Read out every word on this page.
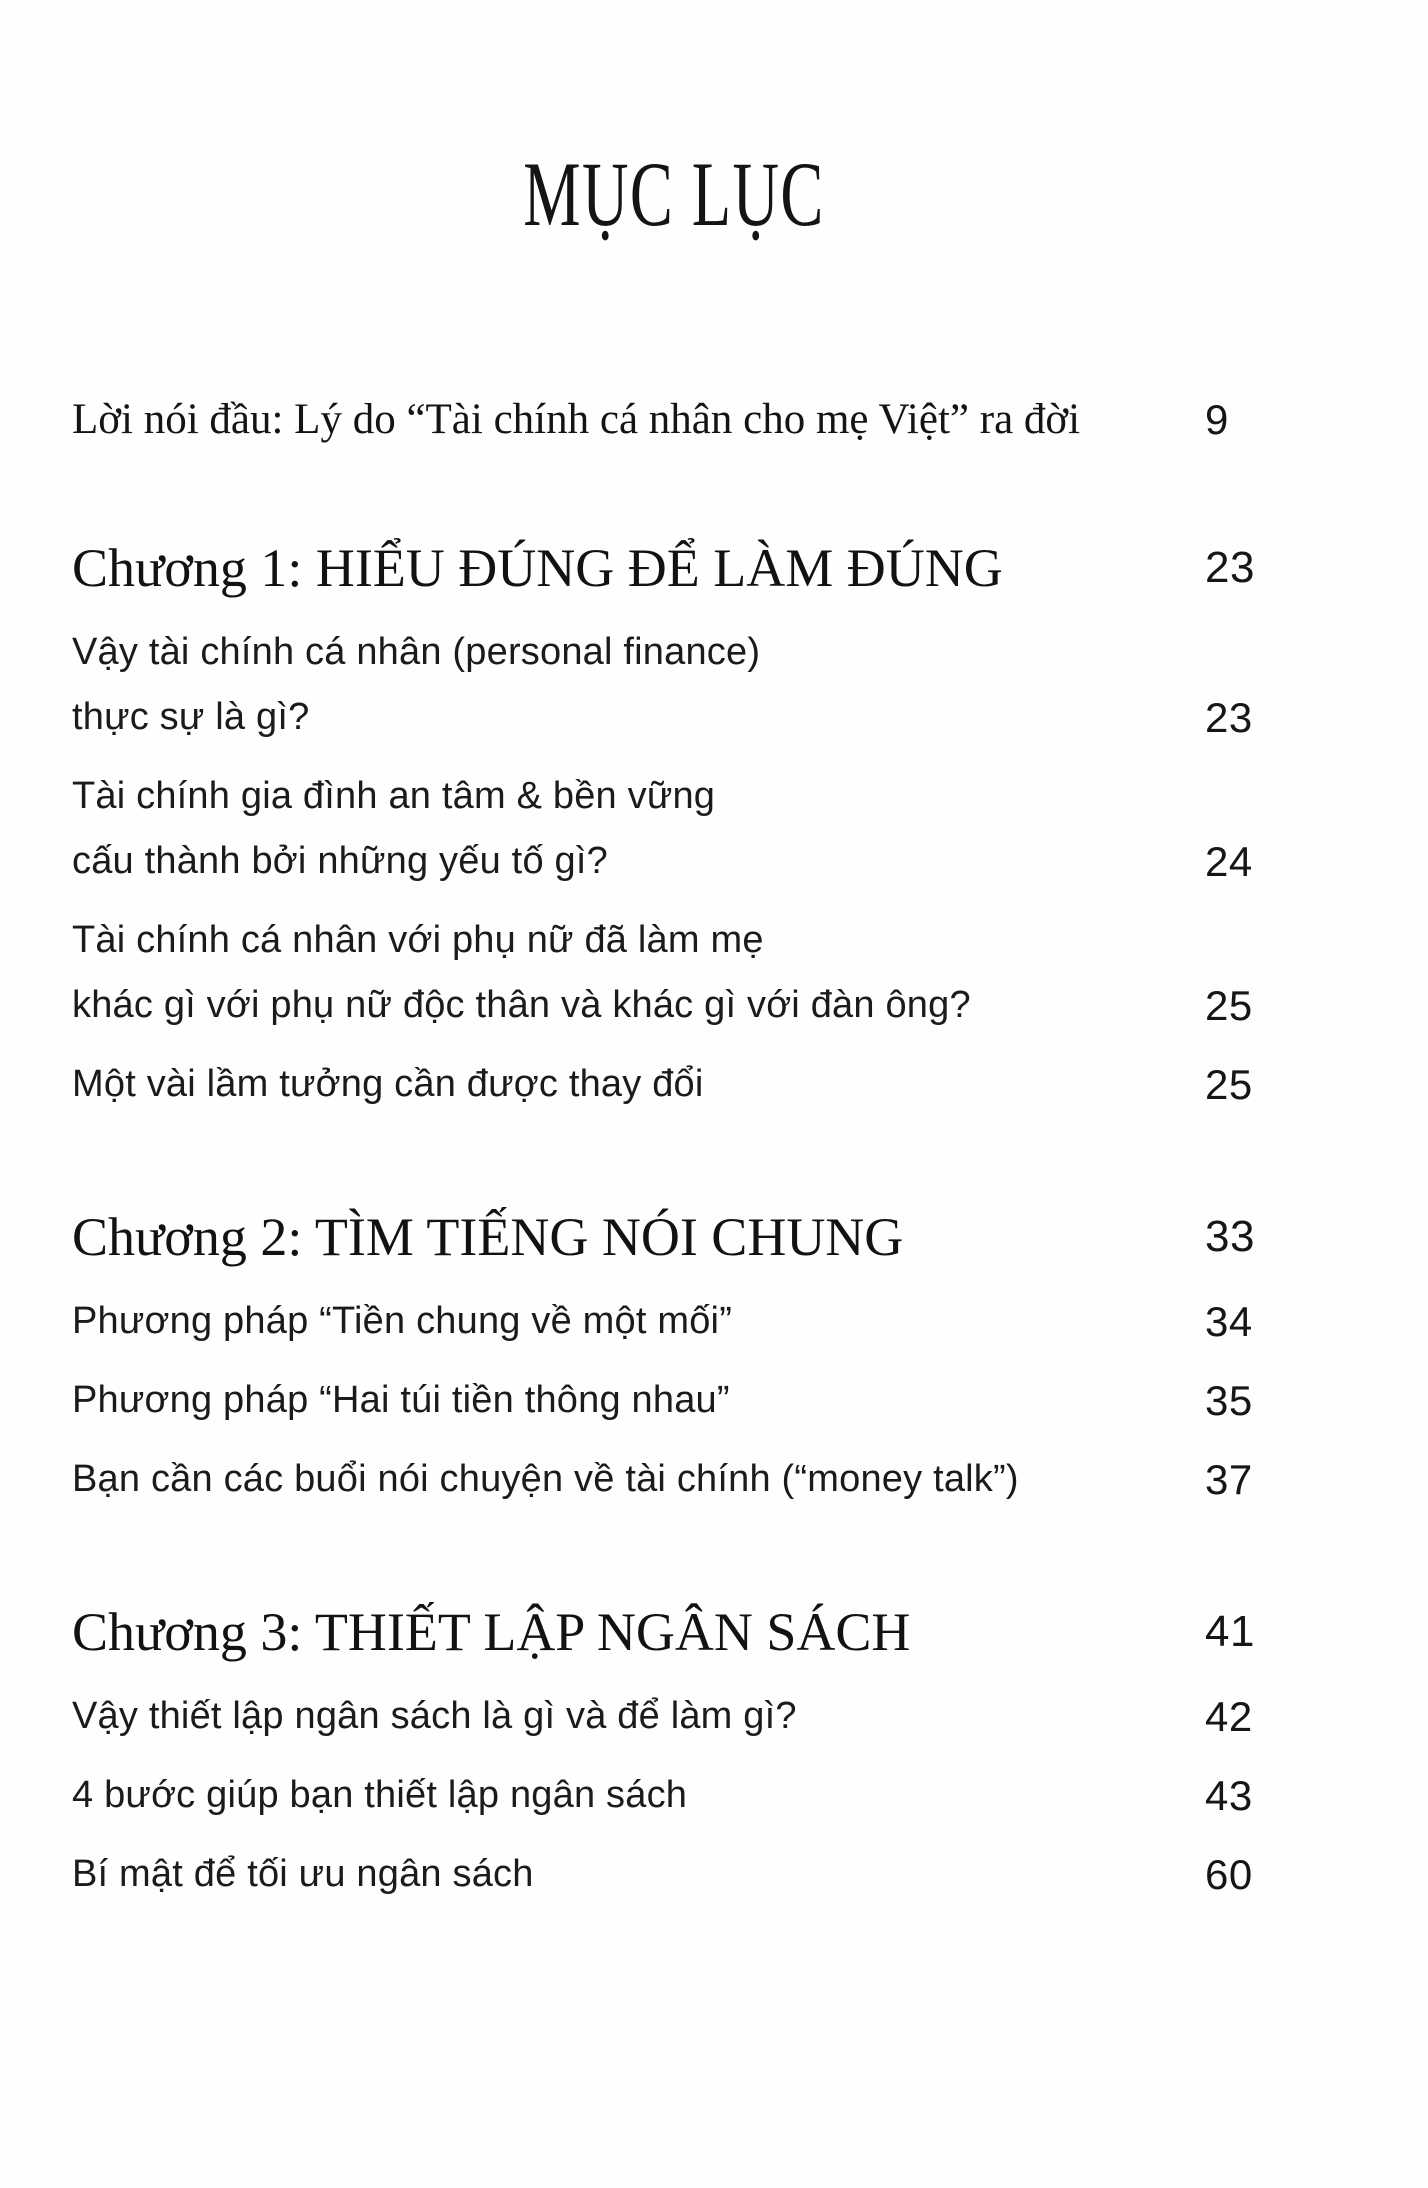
MỤC LỤC
Lời nói đầu: Lý do “Tài chính cá nhân cho mẹ Việt” ra đời	9
Chương 1: HIỂU ĐÚNG ĐỂ LÀM ĐÚNG	23
Vậy tài chính cá nhân (personal finance)
thực sự là gì?	23
Tài chính gia đình an tâm & bền vững
cấu thành bởi những yếu tố gì?	24
Tài chính cá nhân với phụ nữ đã làm mẹ
khác gì với phụ nữ độc thân và khác gì với đàn ông?	25
Một vài lầm tưởng cần được thay đổi	25
Chương 2: TÌM TIẾNG NÓI CHUNG	33
Phương pháp “Tiền chung về một mối”	34
Phương pháp “Hai túi tiền thông nhau”	35
Bạn cần các buổi nói chuyện về tài chính (“money talk”)	37
Chương 3: THIẾT LẬP NGÂN SÁCH	41
Vậy thiết lập ngân sách là gì và để làm gì?	42
4 bước giúp bạn thiết lập ngân sách	43
Bí mật để tối ưu ngân sách	60
